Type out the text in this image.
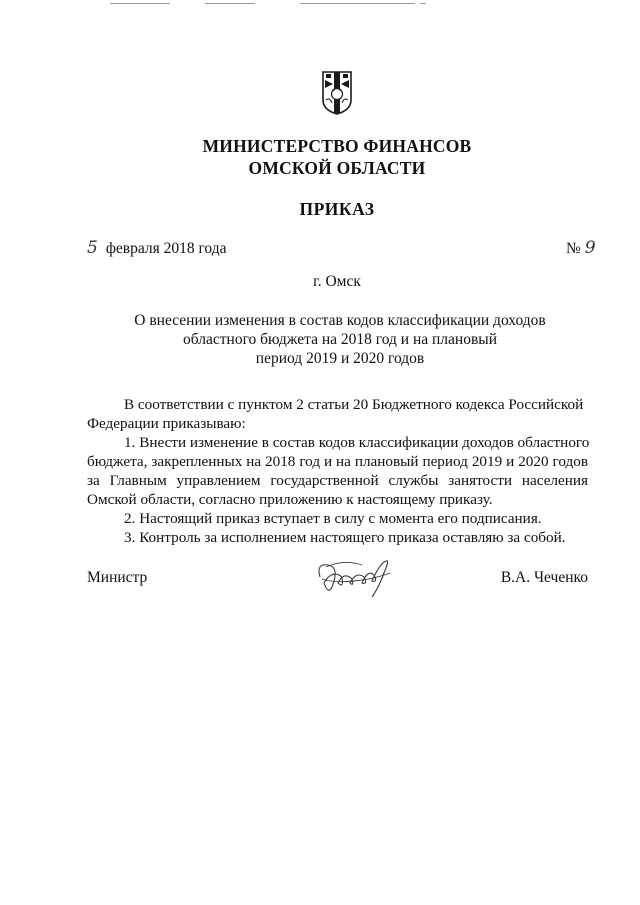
МИНИСТЕРСТВО ФИНАНСОВ
ОМСКОЙ ОБЛАСТИ
ПРИКАЗ
5 февраля 2018 года	№ 9
г. Омск
О внесении изменения в состав кодов классификации доходов
областного бюджета на 2018 год и на плановый
период 2019 и 2020 годов
В соответствии с пунктом 2 статьи 20 Бюджетного кодекса Российской
Федерации приказываю:
1. Внести изменение в состав кодов классификации доходов областного
бюджета, закрепленных на 2018 год и на плановый период 2019 и 2020 годов
за Главным управлением государственной службы занятости населения
Омской области, согласно приложению к настоящему приказу.
2. Настоящий приказ вступает в силу с момента его подписания.
3. Контроль за исполнением настоящего приказа оставляю за собой.
Министр	В.А. Чеченко
